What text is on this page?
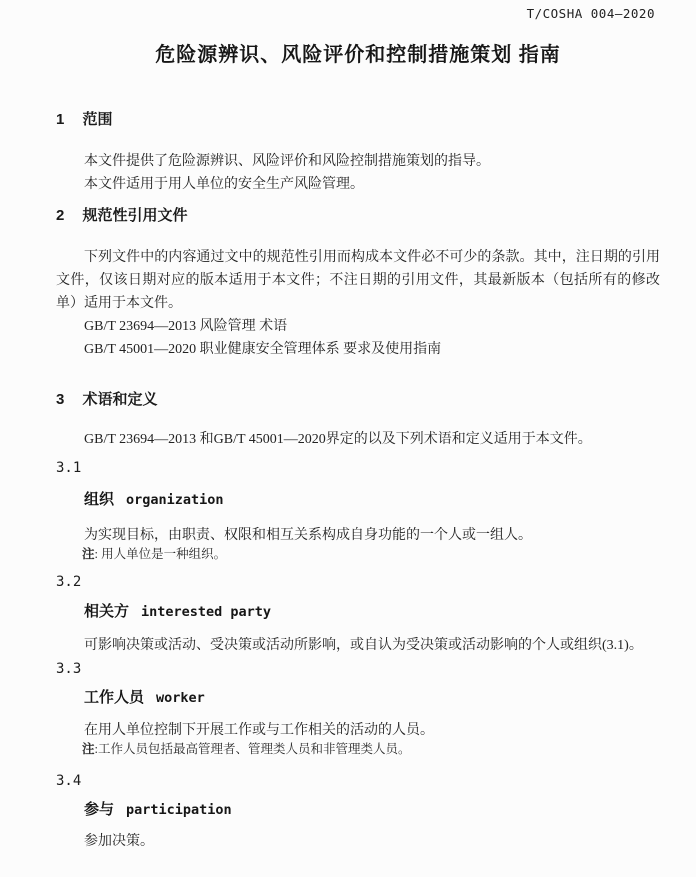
T/COSHA 004—2020
危险源辨识、风险评价和控制措施策划 指南
1 范围

本文件提供了危险源辨识、风险评价和风险控制措施策划的指导。

本文件适用于用人单位的安全生产风险管理。

2 规范性引用文件

下列文件中的内容通过文中的规范性引用而构成本文件必不可少的条款。其中，注日期的引用文件，仅该日期对应的版本适用于本文件；不注日期的引用文件，其最新版本（包括所有的修改单）适用于本文件。

GB/T 23694—2013 风险管理 术语

GB/T 45001—2020 职业健康安全管理体系 要求及使用指南

3 术语和定义

GB/T 23694—2013 和GB/T 45001—2020界定的以及下列术语和定义适用于本文件。

3.1
组织 organization

为实现目标，由职责、权限和相互关系构成自身功能的一个人或一组人。

注: 用人单位是一种组织。
3.2
相关方 interested party

可影响决策或活动、受决策或活动所影响，或自认为受决策或活动影响的个人或组织(3.1)。

3.3
工作人员 worker

在用人单位控制下开展工作或与工作相关的活动的人员。

注:工作人员包括最高管理者、管理类人员和非管理类人员。
3.4
参与 participation

参加决策。
